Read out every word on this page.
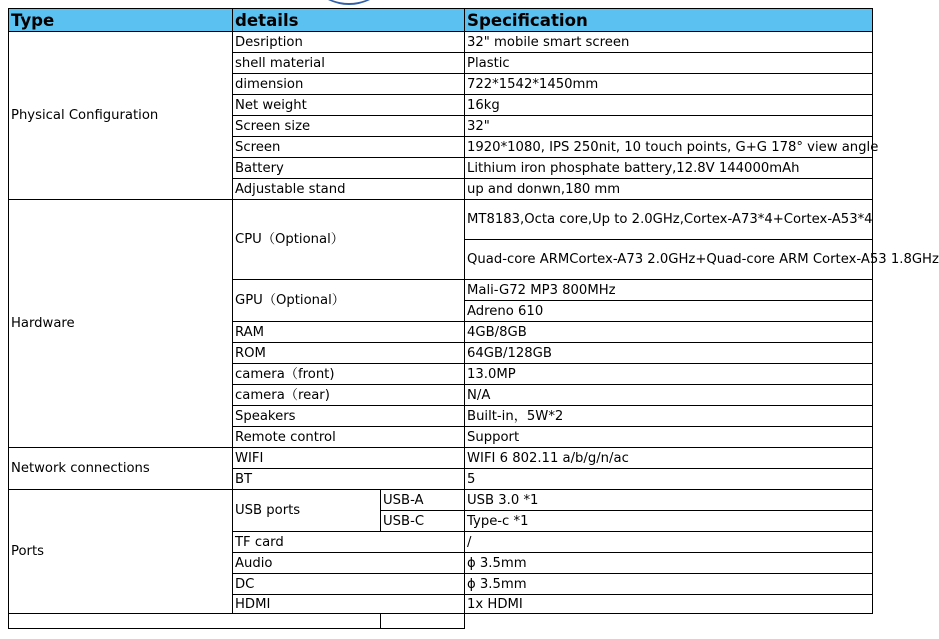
Type	details		Specification
Physical Configuration	Desription		32" mobile smart screen
	shell material		Plastic
	dimension		722*1542*1450mm
	Net weight		16kg
	Screen size		32"
	Screen		1920*1080, IPS 250nit, 10 touch points, G+G 178° view angle
	Battery		Lithium iron phosphate battery,12.8V 144000mAh
	Adjustable stand		up and donwn,180 mm
Hardware	CPU（Optional）		MT8183,Octa core,Up to 2.0GHz,Cortex-A73*4+Cortex-A53*4
			Quad-core ARMCortex-A73 2.0GHz+Quad-core ARM Cortex-A53 1.8GHz
	GPU（Optional）		Mali-G72 MP3 800MHz
			Adreno 610
	RAM		4GB/8GB
	ROM		64GB/128GB
	camera（front)		13.0MP
	camera（rear)		N/A
	Speakers		Built-in，5W*2
	Remote control		Support
Network connections	WIFI		WIFI 6 802.11 a/b/g/n/ac
	BT		5
Ports	USB ports	USB-A	USB 3.0 *1
		USB-C	Type-c *1
	TF card		/
	Audio		ɸ 3.5mm
	DC		ɸ 3.5mm
	HDMI		1x HDMI
